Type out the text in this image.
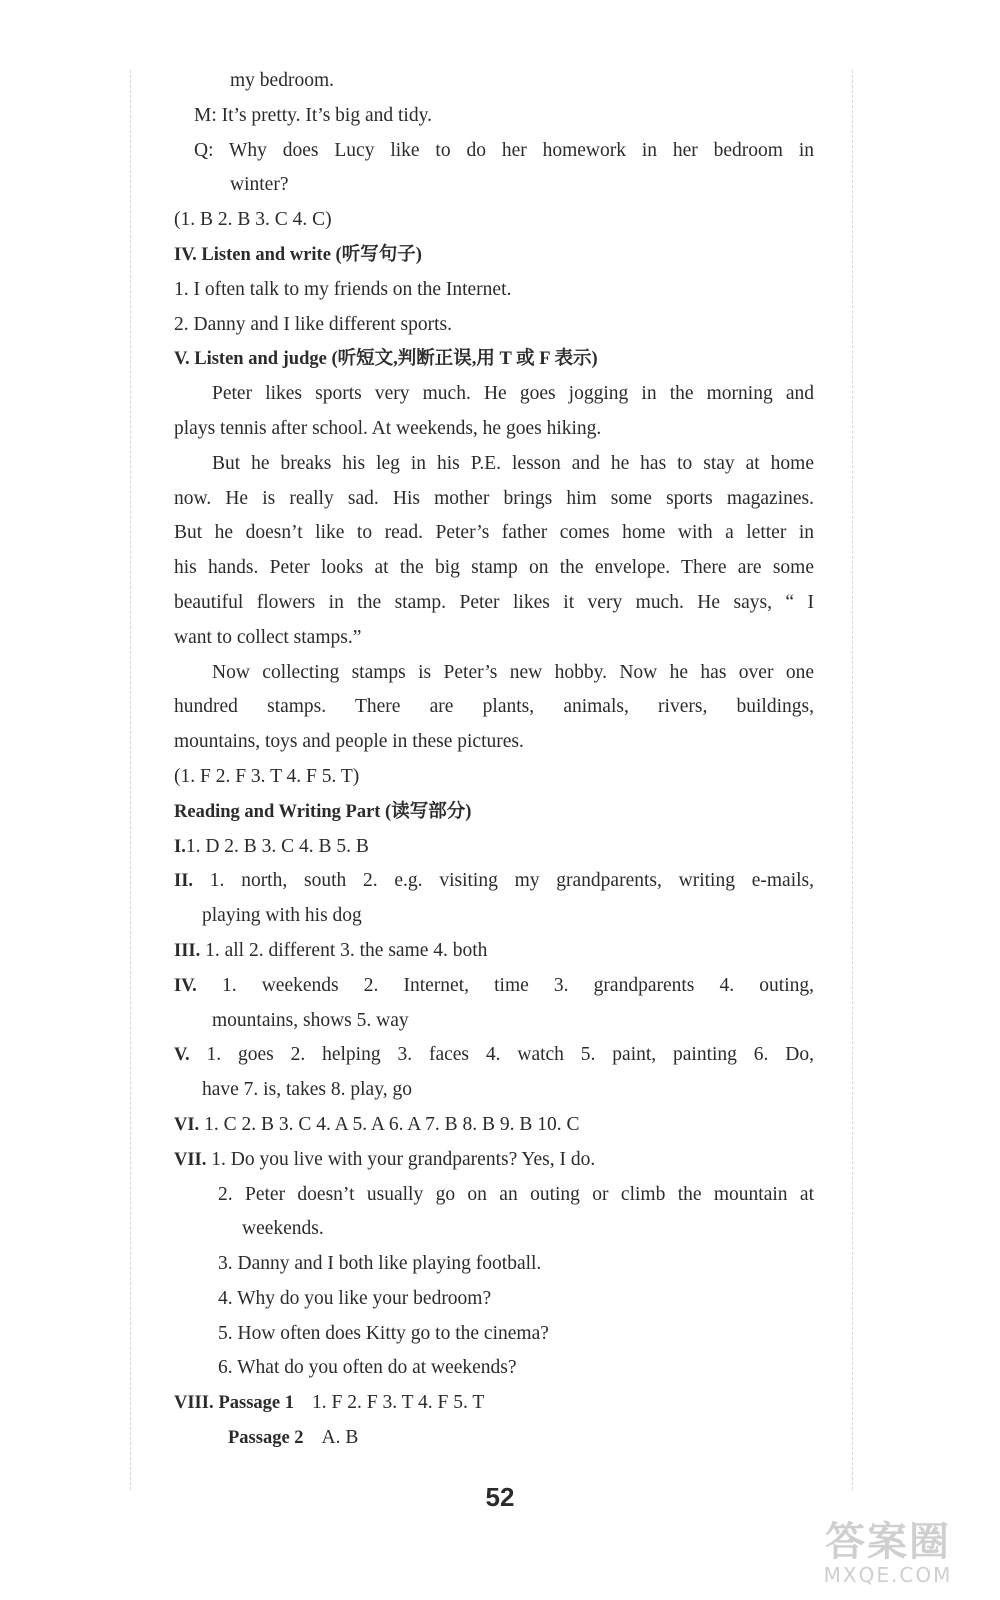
my bedroom.
M: It’s pretty. It’s big and tidy.
Q: Why does Lucy like to do her homework in her bedroom in
winter?
(1. B 2. B 3. C 4. C)
IV. Listen and write (听写句子)
1. I often talk to my friends on the Internet.
2. Danny and I like different sports.
V. Listen and judge (听短文,判断正误,用 T 或 F 表示)
Peter likes sports very much. He goes jogging in the morning and
plays tennis after school. At weekends, he goes hiking.
But he breaks his leg in his P.E. lesson and he has to stay at home
now. He is really sad. His mother brings him some sports magazines.
But he doesn’t like to read. Peter’s father comes home with a letter in
his hands. Peter looks at the big stamp on the envelope. There are some
beautiful flowers in the stamp. Peter likes it very much. He says, “ I
want to collect stamps.”
Now collecting stamps is Peter’s new hobby. Now he has over one
hundred stamps. There are plants, animals, rivers, buildings,
mountains, toys and people in these pictures.
(1. F 2. F 3. T 4. F 5. T)
Reading and Writing Part (读写部分)
I.1. D 2. B 3. C 4. B 5. B
II. 1. north, south 2. e.g. visiting my grandparents, writing e-mails,
playing with his dog
III. 1. all 2. different 3. the same 4. both
IV. 1. weekends 2. Internet, time 3. grandparents 4. outing,
mountains, shows 5. way
V. 1. goes 2. helping 3. faces 4. watch 5. paint, painting 6. Do,
have 7. is, takes 8. play, go
VI. 1. C 2. B 3. C 4. A 5. A 6. A 7. B 8. B 9. B 10. C
VII. 1. Do you live with your grandparents? Yes, I do.
2. Peter doesn’t usually go on an outing or climb the mountain at
weekends.
3. Danny and I both like playing football.
4. Why do you like your bedroom?
5. How often does Kitty go to the cinema?
6. What do you often do at weekends?
VIII. Passage 1 1. F 2. F 3. T 4. F 5. T
Passage 2 A. B
52
答案圈
MXQE.COM
